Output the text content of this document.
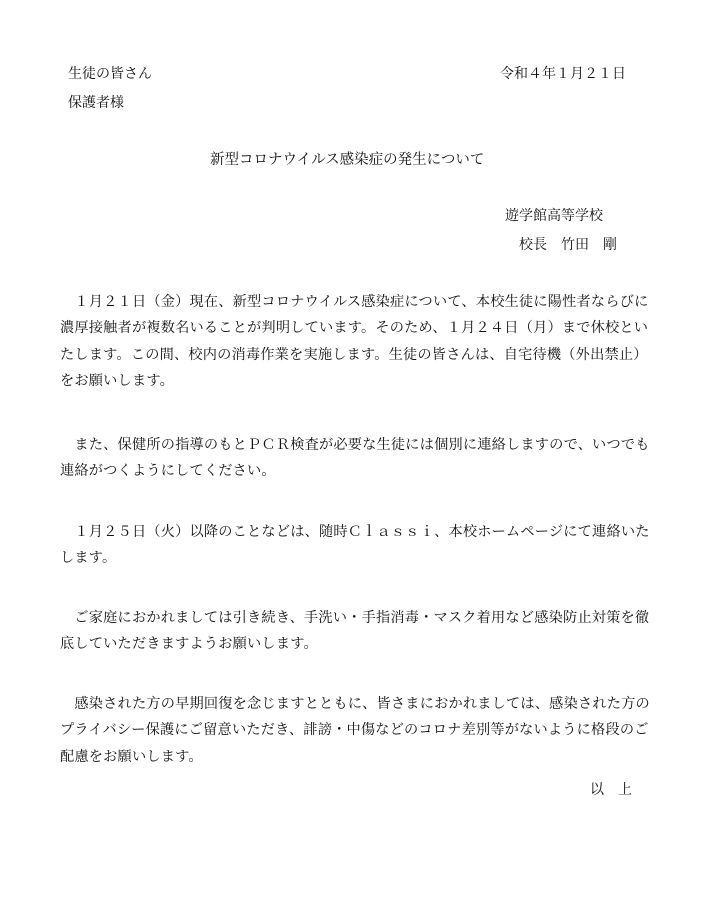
生徒の皆さん
保護者様
令和４年１月２１日
新型コロナウイルス感染症の発生について
遊学館高等学校
校長　竹田　剛
　１月２１日（金）現在、新型コロナウイルス感染症について、本校生徒に陽性者ならびに
濃厚接触者が複数名いることが判明しています。そのため、１月２４日（月）まで休校とい
たします。この間、校内の消毒作業を実施します。生徒の皆さんは、自宅待機（外出禁止）
をお願いします。
　また、保健所の指導のもとＰＣＲ検査が必要な生徒には個別に連絡しますので、いつでも
連絡がつくようにしてください。
　１月２５日（火）以降のことなどは、随時Ｃｌａｓｓｉ、本校ホームページにて連絡いた
します。
　ご家庭におかれましては引き続き、手洗い・手指消毒・マスク着用など感染防止対策を徹
底していただきますようお願いします。
　感染された方の早期回復を念じますとともに、皆さまにおかれましては、感染された方の
プライバシー保護にご留意いただき、誹謗・中傷などのコロナ差別等がないように格段のご
配慮をお願いします。
以　上
